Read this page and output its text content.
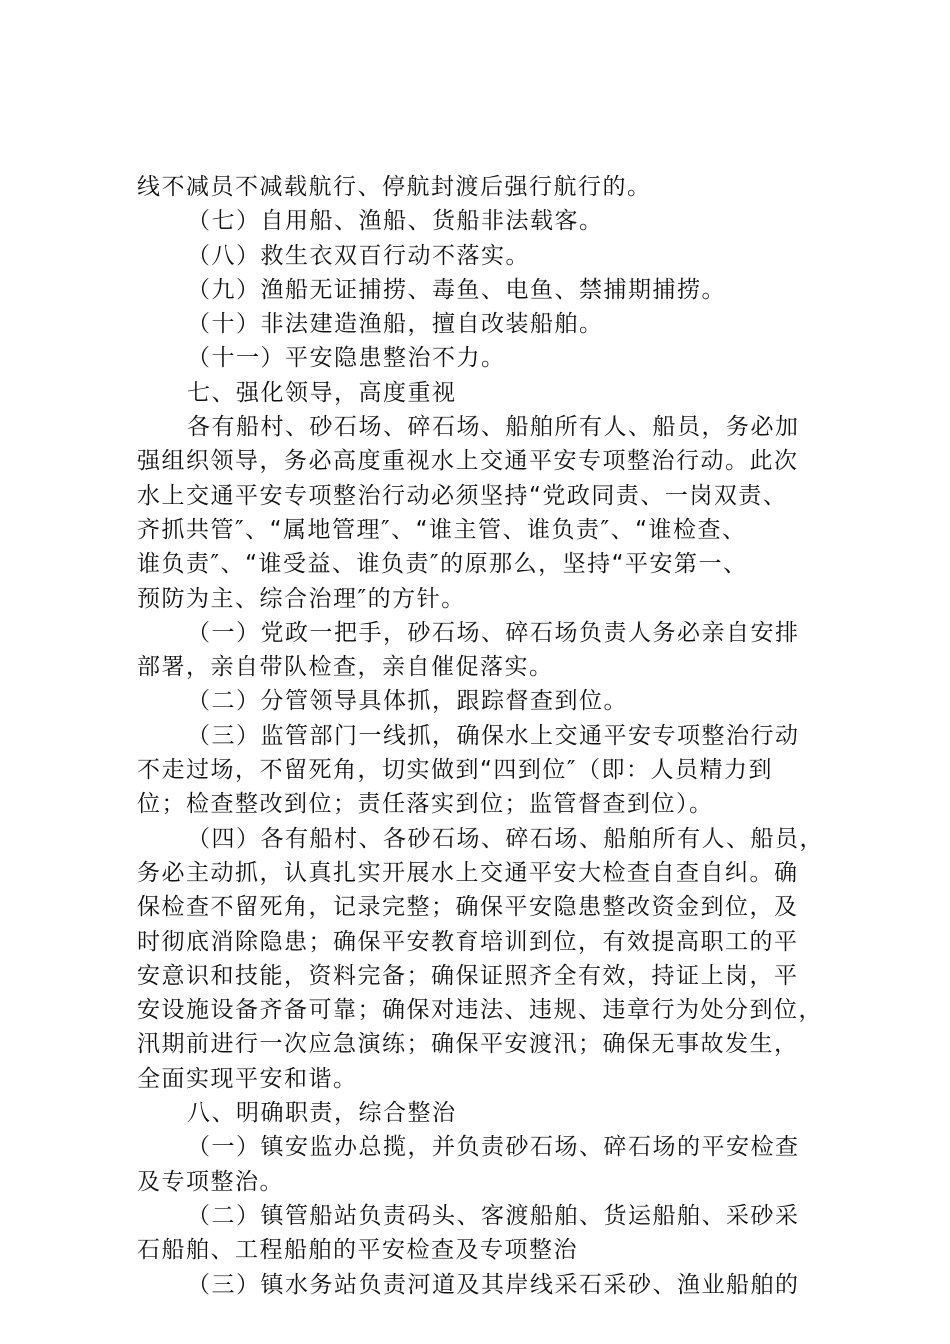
线不减员不减载航行、停航封渡后强行航行的。
（七）自用船、渔船、货船非法载客。
（八）救生衣双百行动不落实。
（九）渔船无证捕捞、毒鱼、电鱼、禁捕期捕捞。
（十）非法建造渔船，擅自改装船舶。
（十一）平安隐患整治不力。
七、强化领导，高度重视
各有船村、砂石场、碎石场、船舶所有人、船员，务必加
强组织领导，务必高度重视水上交通平安专项整治行动。此次
水上交通平安专项整治行动必须坚持“党政同责、一岗双责、
齐抓共管″、“属地管理″、“谁主管、谁负责″、“谁检查、
谁负责″、“谁受益、谁负责″的原那么，坚持“平安第一、
预防为主、综合治理″的方针。
（一）党政一把手，砂石场、碎石场负责人务必亲自安排
部署，亲自带队检查，亲自催促落实。
（二）分管领导具体抓，跟踪督查到位。
（三）监管部门一线抓，确保水上交通平安专项整治行动
不走过场，不留死角，切实做到“四到位″（即：人员精力到
位；检查整改到位；责任落实到位；监管督查到位）。
（四）各有船村、各砂石场、碎石场、船舶所有人、船员，
务必主动抓，认真扎实开展水上交通平安大检查自查自纠。确
保检查不留死角，记录完整；确保平安隐患整改资金到位，及
时彻底消除隐患；确保平安教育培训到位，有效提高职工的平
安意识和技能，资料完备；确保证照齐全有效，持证上岗，平
安设施设备齐备可靠；确保对违法、违规、违章行为处分到位，
汛期前进行一次应急演练；确保平安渡汛；确保无事故发生，
全面实现平安和谐。
八、明确职责，综合整治
（一）镇安监办总揽，并负责砂石场、碎石场的平安检查
及专项整治。
（二）镇管船站负责码头、客渡船舶、货运船舶、采砂采
石船舶、工程船舶的平安检查及专项整治
（三）镇水务站负责河道及其岸线采石采砂、渔业船舶的
